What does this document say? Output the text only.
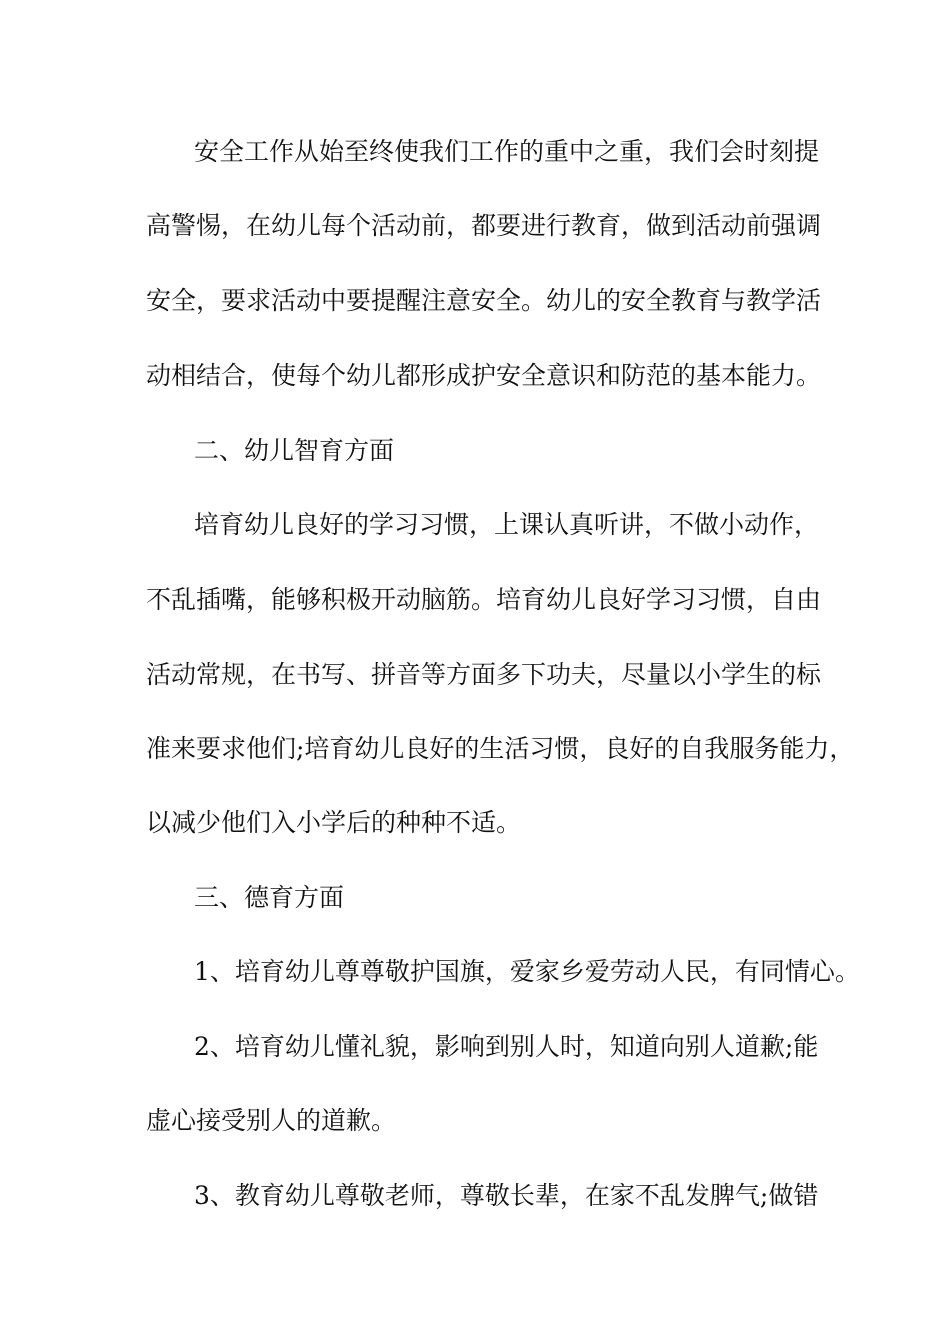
安全工作从始至终使我们工作的重中之重，我们会时刻提
高警惕，在幼儿每个活动前，都要进行教育，做到活动前强调
安全，要求活动中要提醒注意安全。幼儿的安全教育与教学活
动相结合，使每个幼儿都形成护安全意识和防范的基本能力。
二、幼儿智育方面
培育幼儿良好的学习习惯，上课认真听讲，不做小动作，
不乱插嘴，能够积极开动脑筋。培育幼儿良好学习习惯，自由
活动常规，在书写、拼音等方面多下功夫，尽量以小学生的标
准来要求他们;培育幼儿良好的生活习惯，良好的自我服务能力，
以减少他们入小学后的种种不适。
三、德育方面
1、培育幼儿尊尊敬护国旗，爱家乡爱劳动人民，有同情心。
2、培育幼儿懂礼貌，影响到别人时，知道向别人道歉;能
虚心接受别人的道歉。
3、教育幼儿尊敬老师，尊敬长辈，在家不乱发脾气;做错
